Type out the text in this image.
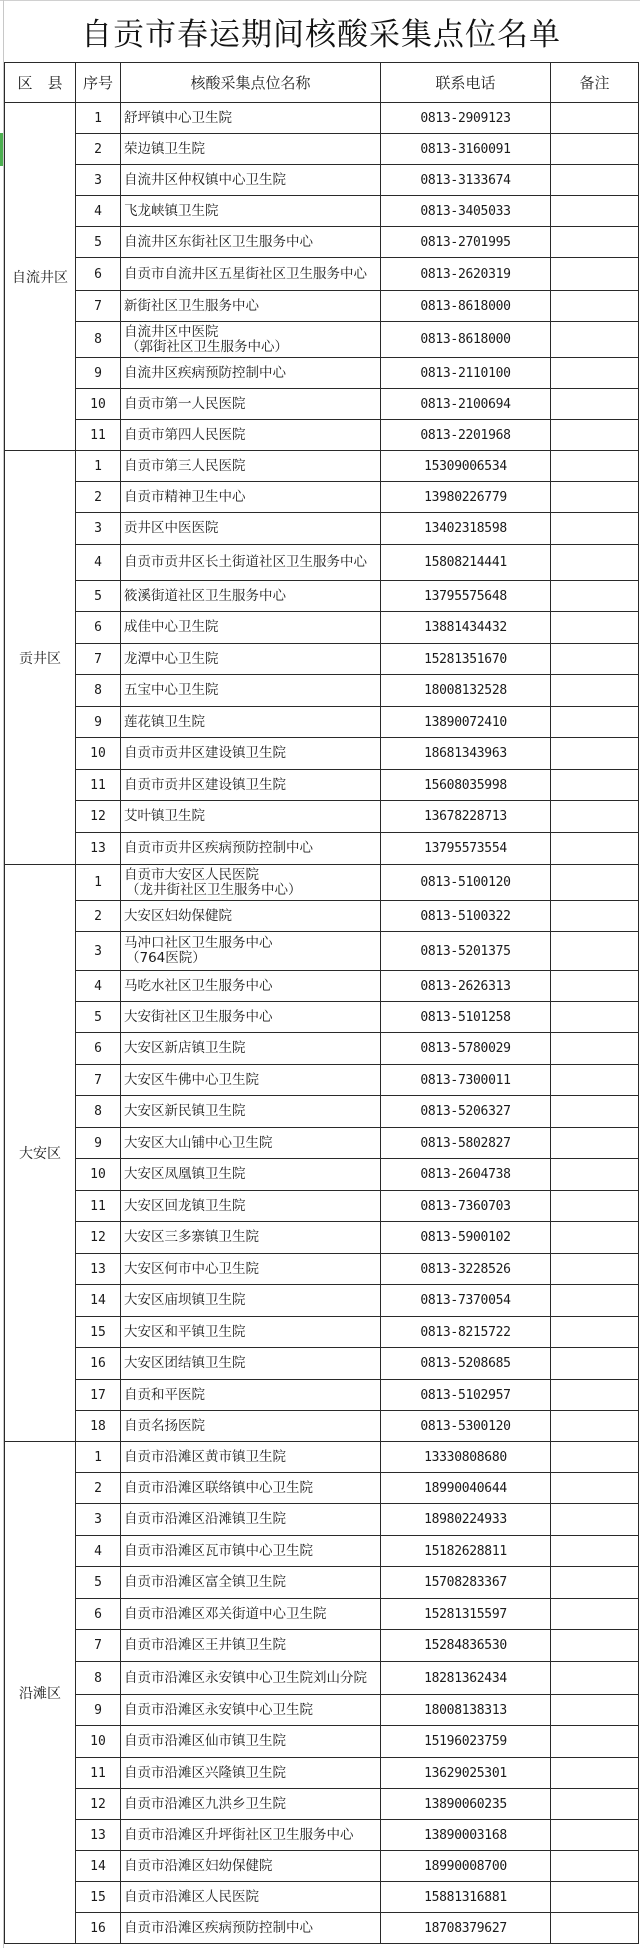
自贡市春运期间核酸采集点位名单
区　县	序号	核酸采集点位名称	联系电话	备注
自流井区	1	舒坪镇中心卫生院	0813-2909123	
	2	荣边镇卫生院	0813-3160091	
	3	自流井区仲权镇中心卫生院	0813-3133674	
	4	飞龙峡镇卫生院	0813-3405033	
	5	自流井区东街社区卫生服务中心	0813-2701995	
	6	自贡市自流井区五星街社区卫生服务中心	0813-2620319	
	7	新街社区卫生服务中心	0813-8618000	
	8	自流井区中医院
（郭街社区卫生服务中心）	0813-8618000	
	9	自流井区疾病预防控制中心	0813-2110100	
	10	自贡市第一人民医院	0813-2100694	
	11	自贡市第四人民医院	0813-2201968	
贡井区	1	自贡市第三人民医院	15309006534	
	2	自贡市精神卫生中心	13980226779	
	3	贡井区中医医院	13402318598	
	4	自贡市贡井区长土街道社区卫生服务中心	15808214441	
	5	筱溪街道社区卫生服务中心	13795575648	
	6	成佳中心卫生院	13881434432	
	7	龙潭中心卫生院	15281351670	
	8	五宝中心卫生院	18008132528	
	9	莲花镇卫生院	13890072410	
	10	自贡市贡井区建设镇卫生院	18681343963	
	11	自贡市贡井区建设镇卫生院	15608035998	
	12	艾叶镇卫生院	13678228713	
	13	自贡市贡井区疾病预防控制中心	13795573554	
大安区	1	自贡市大安区人民医院
（龙井街社区卫生服务中心）	0813-5100120	
	2	大安区妇幼保健院	0813-5100322	
	3	马冲口社区卫生服务中心
（764医院）	0813-5201375	
	4	马吃水社区卫生服务中心	0813-2626313	
	5	大安街社区卫生服务中心	0813-5101258	
	6	大安区新店镇卫生院	0813-5780029	
	7	大安区牛佛中心卫生院	0813-7300011	
	8	大安区新民镇卫生院	0813-5206327	
	9	大安区大山铺中心卫生院	0813-5802827	
	10	大安区凤凰镇卫生院	0813-2604738	
	11	大安区回龙镇卫生院	0813-7360703	
	12	大安区三多寨镇卫生院	0813-5900102	
	13	大安区何市中心卫生院	0813-3228526	
	14	大安区庙坝镇卫生院	0813-7370054	
	15	大安区和平镇卫生院	0813-8215722	
	16	大安区团结镇卫生院	0813-5208685	
	17	自贡和平医院	0813-5102957	
	18	自贡名扬医院	0813-5300120	
沿滩区	1	自贡市沿滩区黄市镇卫生院	13330808680	
	2	自贡市沿滩区联络镇中心卫生院	18990040644	
	3	自贡市沿滩区沿滩镇卫生院	18980224933	
	4	自贡市沿滩区瓦市镇中心卫生院	15182628811	
	5	自贡市沿滩区富全镇卫生院	15708283367	
	6	自贡市沿滩区邓关街道中心卫生院	15281315597	
	7	自贡市沿滩区王井镇卫生院	15284836530	
	8	自贡市沿滩区永安镇中心卫生院刘山分院	18281362434	
	9	自贡市沿滩区永安镇中心卫生院	18008138313	
	10	自贡市沿滩区仙市镇卫生院	15196023759	
	11	自贡市沿滩区兴隆镇卫生院	13629025301	
	12	自贡市沿滩区九洪乡卫生院	13890060235	
	13	自贡市沿滩区升坪街社区卫生服务中心	13890003168	
	14	自贡市沿滩区妇幼保健院	18990008700	
	15	自贡市沿滩区人民医院	15881316881	
	16	自贡市沿滩区疾病预防控制中心	18708379627	
